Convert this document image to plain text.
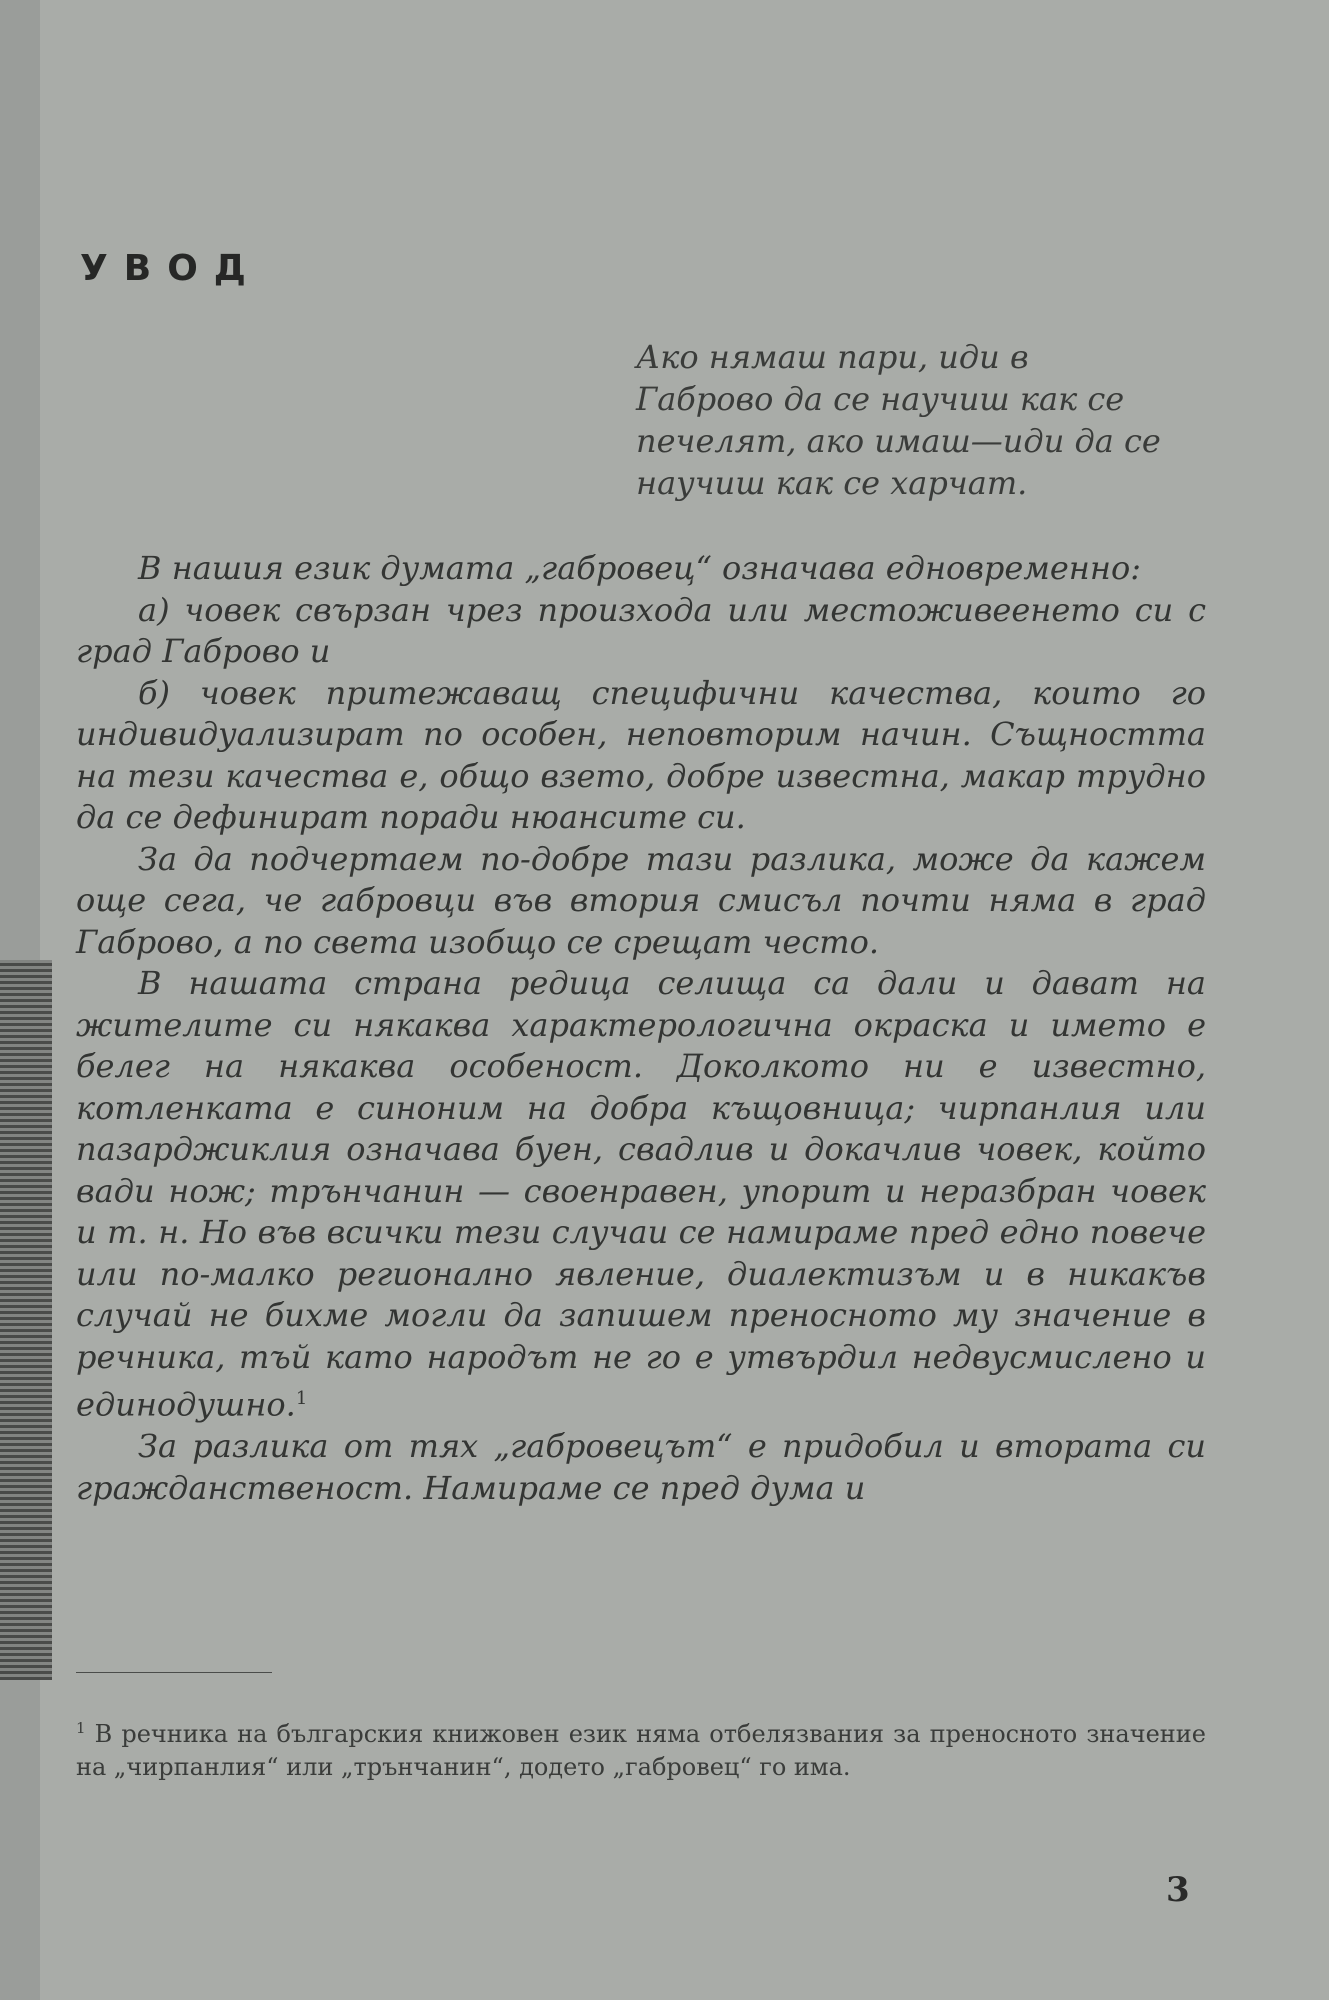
УВОД
Ако нямаш пари, иди в
Габрово да се научиш как се
печелят, ако имаш—иди да се
научиш как се харчат.

В нашия език думата „габровец“ означава едновременно:

а) човек свързан чрез произхода или местоживеенето си с град Габрово и

б) човек притежаващ специфични качества, които го индивидуализират по особен, неповторим начин. Същността на тези качества е, общо взето, добре известна, макар трудно да се дефинират поради нюансите си.

За да подчертаем по-добре тази разлика, може да кажем още сега, че габровци във втория смисъл почти няма в град Габрово, а по света изобщо се срещат често.

В нашата страна редица селища са дали и дават на жителите си някаква характерологична окраска и името е белег на някаква особеност. Доколкото ни е известно, котленката е синоним на добра къщовница; чирпанлия или пазарджиклия означава буен, свадлив и докачлив човек, който вади нож; трънчанин — своенравен, упорит и неразбран човек и т. н. Но във всички тези случаи се намираме пред едно повече или по-малко регионално явление, диалектизъм и в никакъв случай не бихме могли да запишем преносното му значение в речника, тъй като народът не го е утвърдил недвусмислено и единодушно.$^1$

За разлика от тях „габровецът“ е придобил и втората си гражданственост. Намираме се пред дума и

$^1$ В речника на българския книжовен език няма отбелязвания за преносното значение на „чирпанлия“ или „трънчанин“, додето „габровец“ го има.
3
